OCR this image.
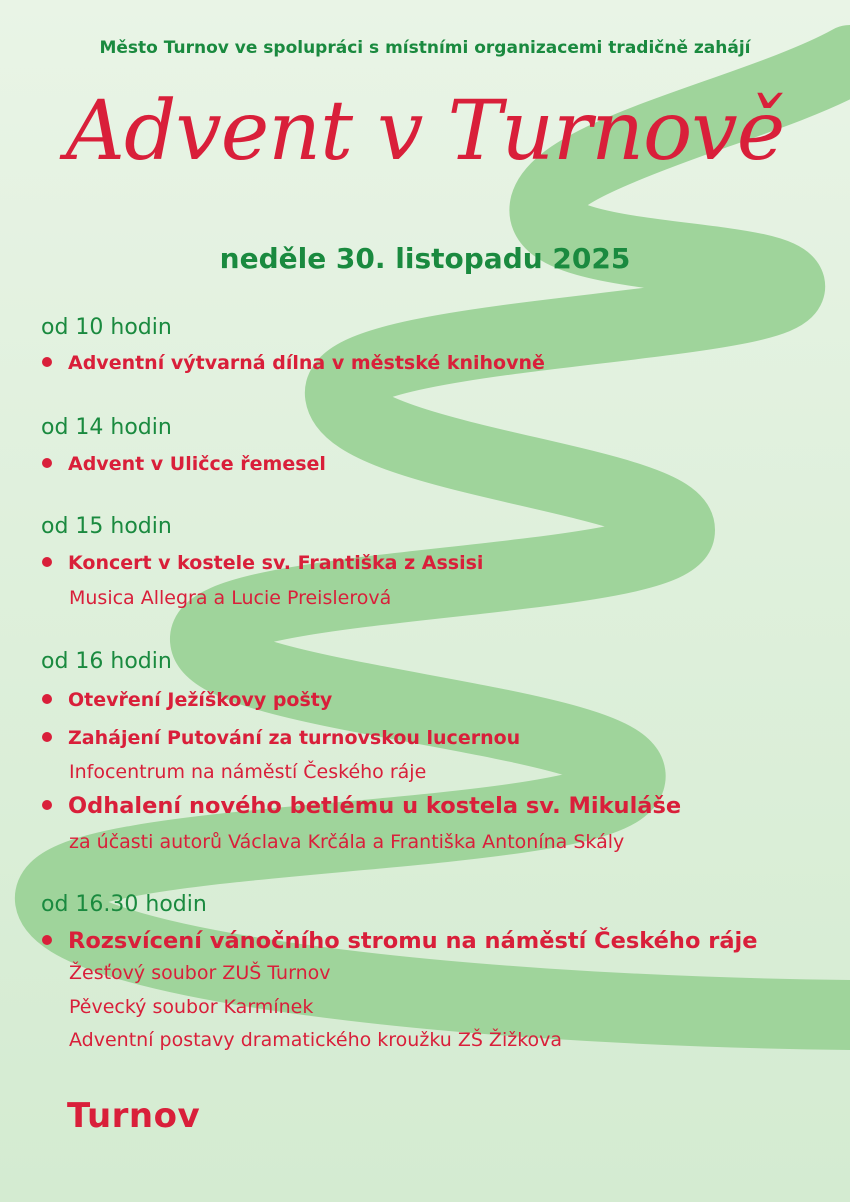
Město Turnov ve spolupráci s místními organizacemi tradičně zahájí
Advent v Turnově
neděle 30. listopadu 2025
od 10 hodin
Adventní výtvarná dílna v městské knihovně
od 14 hodin
Advent v Uličce řemesel
od 15 hodin
Koncert v kostele sv. Františka z Assisi
Musica Allegra a Lucie Preislerová
od 16 hodin
Otevření Ježíškovy pošty
Zahájení Putování za turnovskou lucernou
Infocentrum na náměstí Českého ráje
Odhalení nového betlému u kostela sv. Mikuláše
za účasti autorů Václava Krčála a Františka Antonína Skály
od 16.30 hodin
Rozsvícení vánočního stromu na náměstí Českého ráje
Žesťový soubor ZUŠ Turnov
Pěvecký soubor Karmínek
Adventní postavy dramatického kroužku ZŠ Žižkova
Turnov
